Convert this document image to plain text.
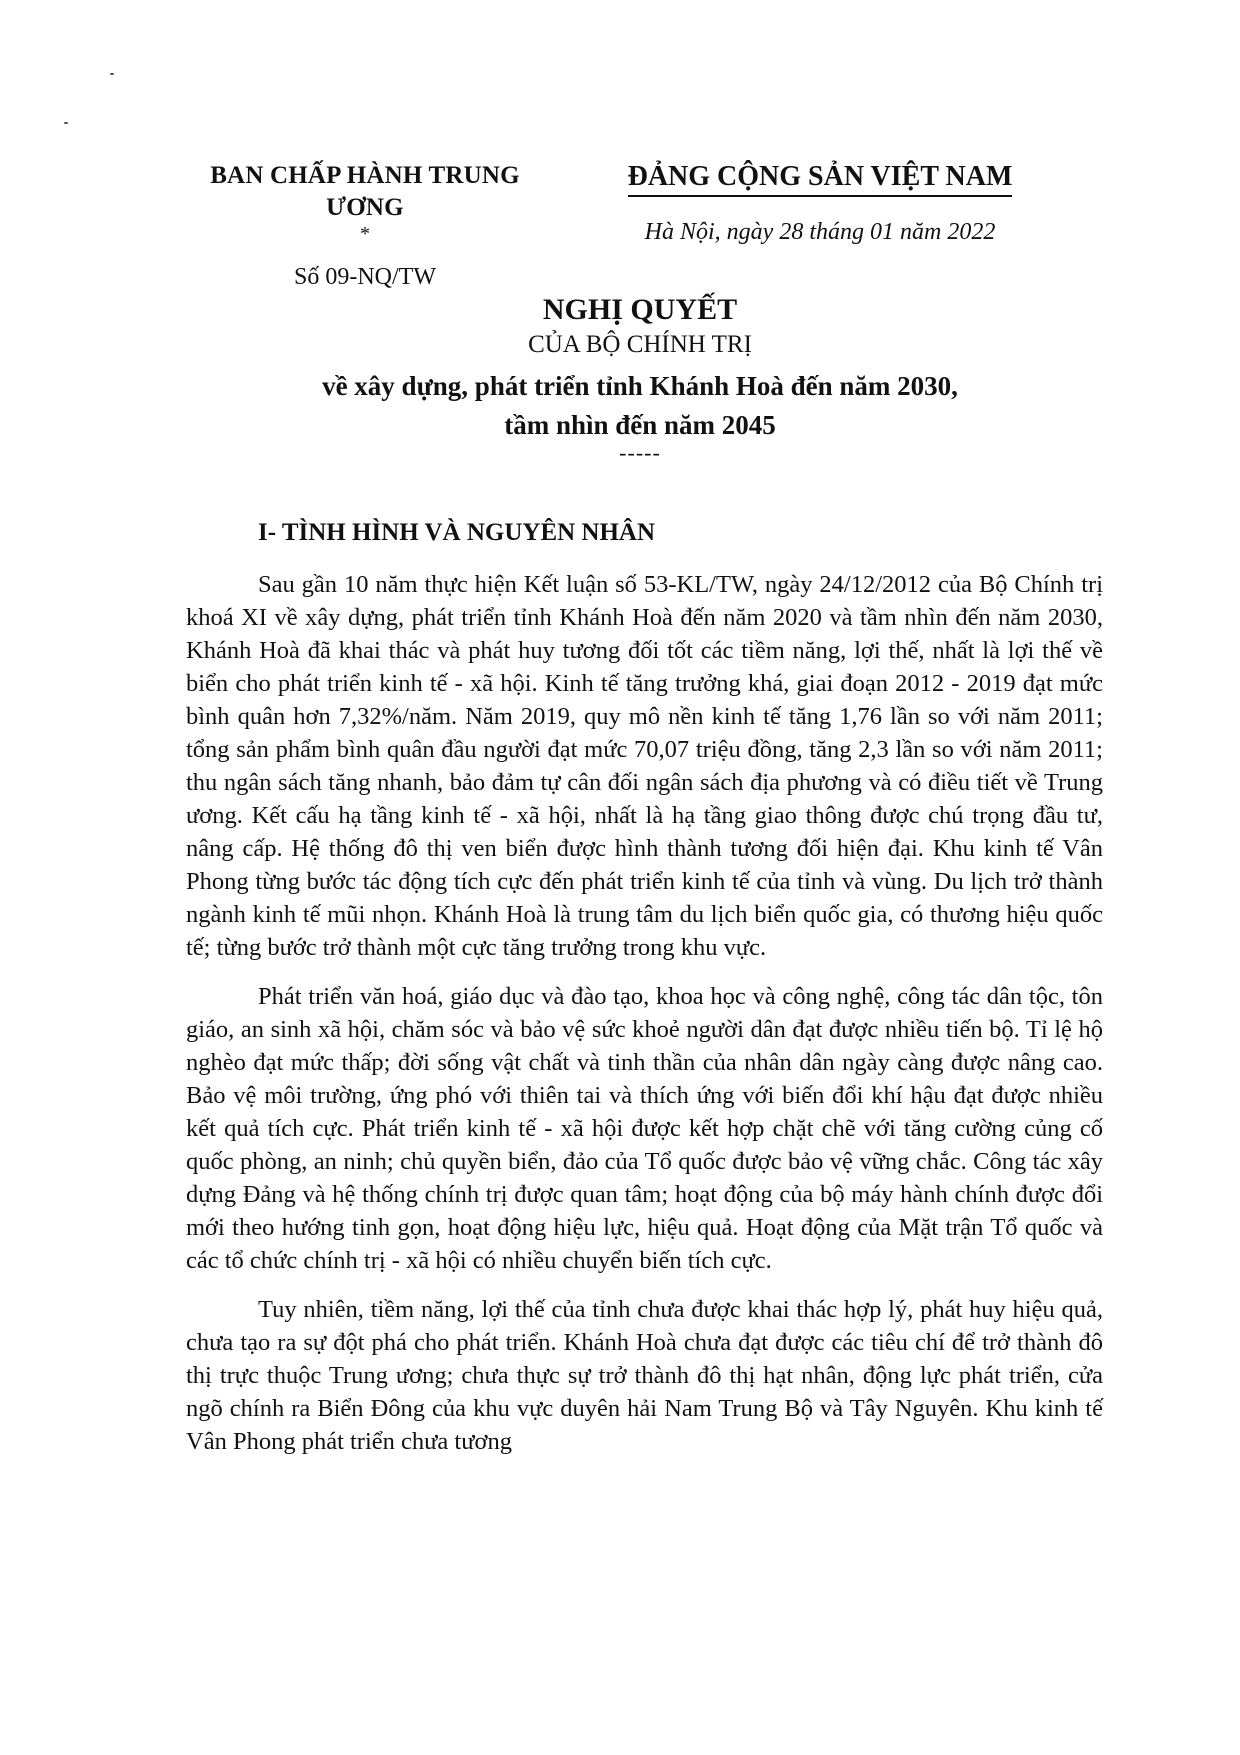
BAN CHẤP HÀNH TRUNG ƯƠNG
*
Số 09-NQ/TW
ĐẢNG CỘNG SẢN VIỆT NAM
Hà Nội, ngày 28 tháng 01 năm 2022
NGHỊ QUYẾT
CỦA BỘ CHÍNH TRỊ
về xây dựng, phát triển tỉnh Khánh Hoà đến năm 2030,
tầm nhìn đến năm 2045
-----
I- TÌNH HÌNH VÀ NGUYÊN NHÂN

Sau gần 10 năm thực hiện Kết luận số 53-KL/TW, ngày 24/12/2012 của Bộ Chính trị khoá XI về xây dựng, phát triển tỉnh Khánh Hoà đến năm 2020 và tầm nhìn đến năm 2030, Khánh Hoà đã khai thác và phát huy tương đối tốt các tiềm năng, lợi thế, nhất là lợi thế về biển cho phát triển kinh tế - xã hội. Kinh tế tăng trưởng khá, giai đoạn 2012 - 2019 đạt mức bình quân hơn 7,32%/năm. Năm 2019, quy mô nền kinh tế tăng 1,76 lần so với năm 2011; tổng sản phẩm bình quân đầu người đạt mức 70,07 triệu đồng, tăng 2,3 lần so với năm 2011; thu ngân sách tăng nhanh, bảo đảm tự cân đối ngân sách địa phương và có điều tiết về Trung ương. Kết cấu hạ tầng kinh tế - xã hội, nhất là hạ tầng giao thông được chú trọng đầu tư, nâng cấp. Hệ thống đô thị ven biển được hình thành tương đối hiện đại. Khu kinh tế Vân Phong từng bước tác động tích cực đến phát triển kinh tế của tỉnh và vùng. Du lịch trở thành ngành kinh tế mũi nhọn. Khánh Hoà là trung tâm du lịch biển quốc gia, có thương hiệu quốc tế; từng bước trở thành một cực tăng trưởng trong khu vực.

Phát triển văn hoá, giáo dục và đào tạo, khoa học và công nghệ, công tác dân tộc, tôn giáo, an sinh xã hội, chăm sóc và bảo vệ sức khoẻ người dân đạt được nhiều tiến bộ. Tỉ lệ hộ nghèo đạt mức thấp; đời sống vật chất và tinh thần của nhân dân ngày càng được nâng cao. Bảo vệ môi trường, ứng phó với thiên tai và thích ứng với biến đổi khí hậu đạt được nhiều kết quả tích cực. Phát triển kinh tế - xã hội được kết hợp chặt chẽ với tăng cường củng cố quốc phòng, an ninh; chủ quyền biển, đảo của Tổ quốc được bảo vệ vững chắc. Công tác xây dựng Đảng và hệ thống chính trị được quan tâm; hoạt động của bộ máy hành chính được đổi mới theo hướng tinh gọn, hoạt động hiệu lực, hiệu quả. Hoạt động của Mặt trận Tổ quốc và các tổ chức chính trị - xã hội có nhiều chuyển biến tích cực.

Tuy nhiên, tiềm năng, lợi thế của tỉnh chưa được khai thác hợp lý, phát huy hiệu quả, chưa tạo ra sự đột phá cho phát triển. Khánh Hoà chưa đạt được các tiêu chí để trở thành đô thị trực thuộc Trung ương; chưa thực sự trở thành đô thị hạt nhân, động lực phát triển, cửa ngõ chính ra Biển Đông của khu vực duyên hải Nam Trung Bộ và Tây Nguyên. Khu kinh tế Vân Phong phát triển chưa tương
